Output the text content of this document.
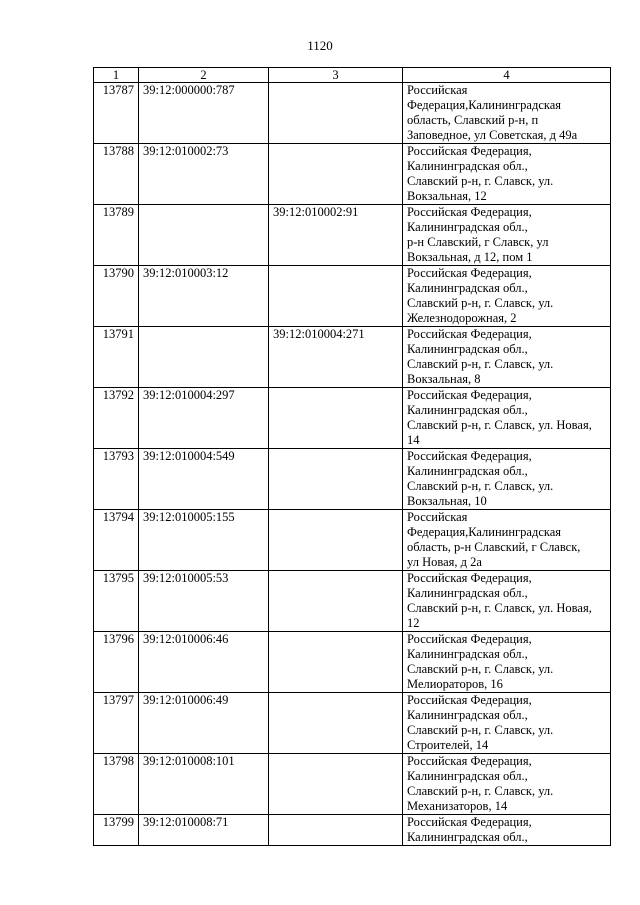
1120
1	2	3	4
13787	39:12:000000:787		Российская
Федерация,Калининградская
область, Славский р-н, п
Заповедное, ул Советская, д 49а
13788	39:12:010002:73		Российская Федерация,
Калининградская обл.,
Славский р-н, г. Славск, ул.
Вокзальная, 12
13789		39:12:010002:91	Российская Федерация,
Калининградская обл.,
р-н Славский, г Славск, ул
Вокзальная, д 12, пом 1
13790	39:12:010003:12		Российская Федерация,
Калининградская обл.,
Славский р-н, г. Славск, ул.
Железнодорожная, 2
13791		39:12:010004:271	Российская Федерация,
Калининградская обл.,
Славский р-н, г. Славск, ул.
Вокзальная, 8
13792	39:12:010004:297		Российская Федерация,
Калининградская обл.,
Славский р-н, г. Славск, ул. Новая,
14
13793	39:12:010004:549		Российская Федерация,
Калининградская обл.,
Славский р-н, г. Славск, ул.
Вокзальная, 10
13794	39:12:010005:155		Российская
Федерация,Калининградская
область, р-н Славский, г Славск,
ул Новая, д 2а
13795	39:12:010005:53		Российская Федерация,
Калининградская обл.,
Славский р-н, г. Славск, ул. Новая,
12
13796	39:12:010006:46		Российская Федерация,
Калининградская обл.,
Славский р-н, г. Славск, ул.
Мелиораторов, 16
13797	39:12:010006:49		Российская Федерация,
Калининградская обл.,
Славский р-н, г. Славск, ул.
Строителей, 14
13798	39:12:010008:101		Российская Федерация,
Калининградская обл.,
Славский р-н, г. Славск, ул.
Механизаторов, 14
13799	39:12:010008:71		Российская Федерация,
Калининградская обл.,
